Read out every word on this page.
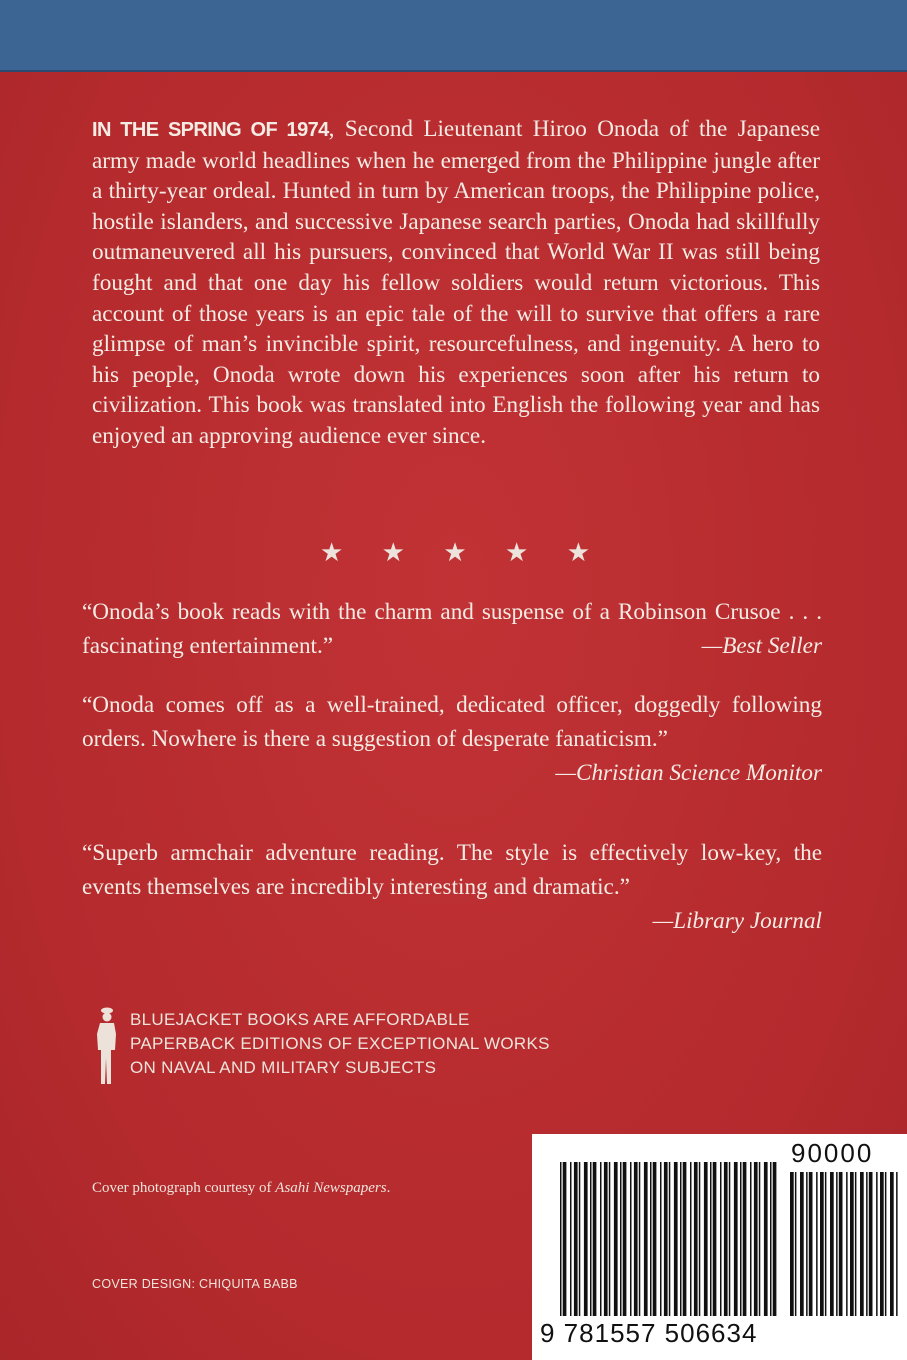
IN THE SPRING OF 1974, Second Lieutenant Hiroo Onoda of the Japanese army made world headlines when he emerged from the Philippine jungle after a thirty-year ordeal. Hunted in turn by American troops, the Philippine police, hostile islanders, and successive Japanese search parties, Onoda had skillfully outmaneuvered all his pursuers, convinced that World War II was still being fought and that one day his fellow soldiers would return victorious. This account of those years is an epic tale of the will to survive that offers a rare glimpse of man’s invincible spirit, resourcefulness, and ingenuity. A hero to his people, Onoda wrote down his experiences soon after his return to civilization. This book was translated into English the following year and has enjoyed an approving audience ever since.

★ ★ ★ ★ ★
“Onoda’s book reads with the charm and suspense of a Robinson Crusoe . . . fascinating entertainment.”	—Best Seller
“Onoda comes off as a well-trained, dedicated officer, doggedly following orders. Nowhere is there a suggestion of desperate fanaticism.”
—Christian Science Monitor
“Superb armchair adventure reading. The style is effectively low-key, the events themselves are incredibly interesting and dramatic.”
—Library Journal
BLUEJACKET BOOKS ARE AFFORDABLE
PAPERBACK EDITIONS OF EXCEPTIONAL WORKS
ON NAVAL AND MILITARY SUBJECTS
Cover photograph courtesy of Asahi Newspapers.
COVER DESIGN: CHIQUITA BABB
90000
9 781557 506634
